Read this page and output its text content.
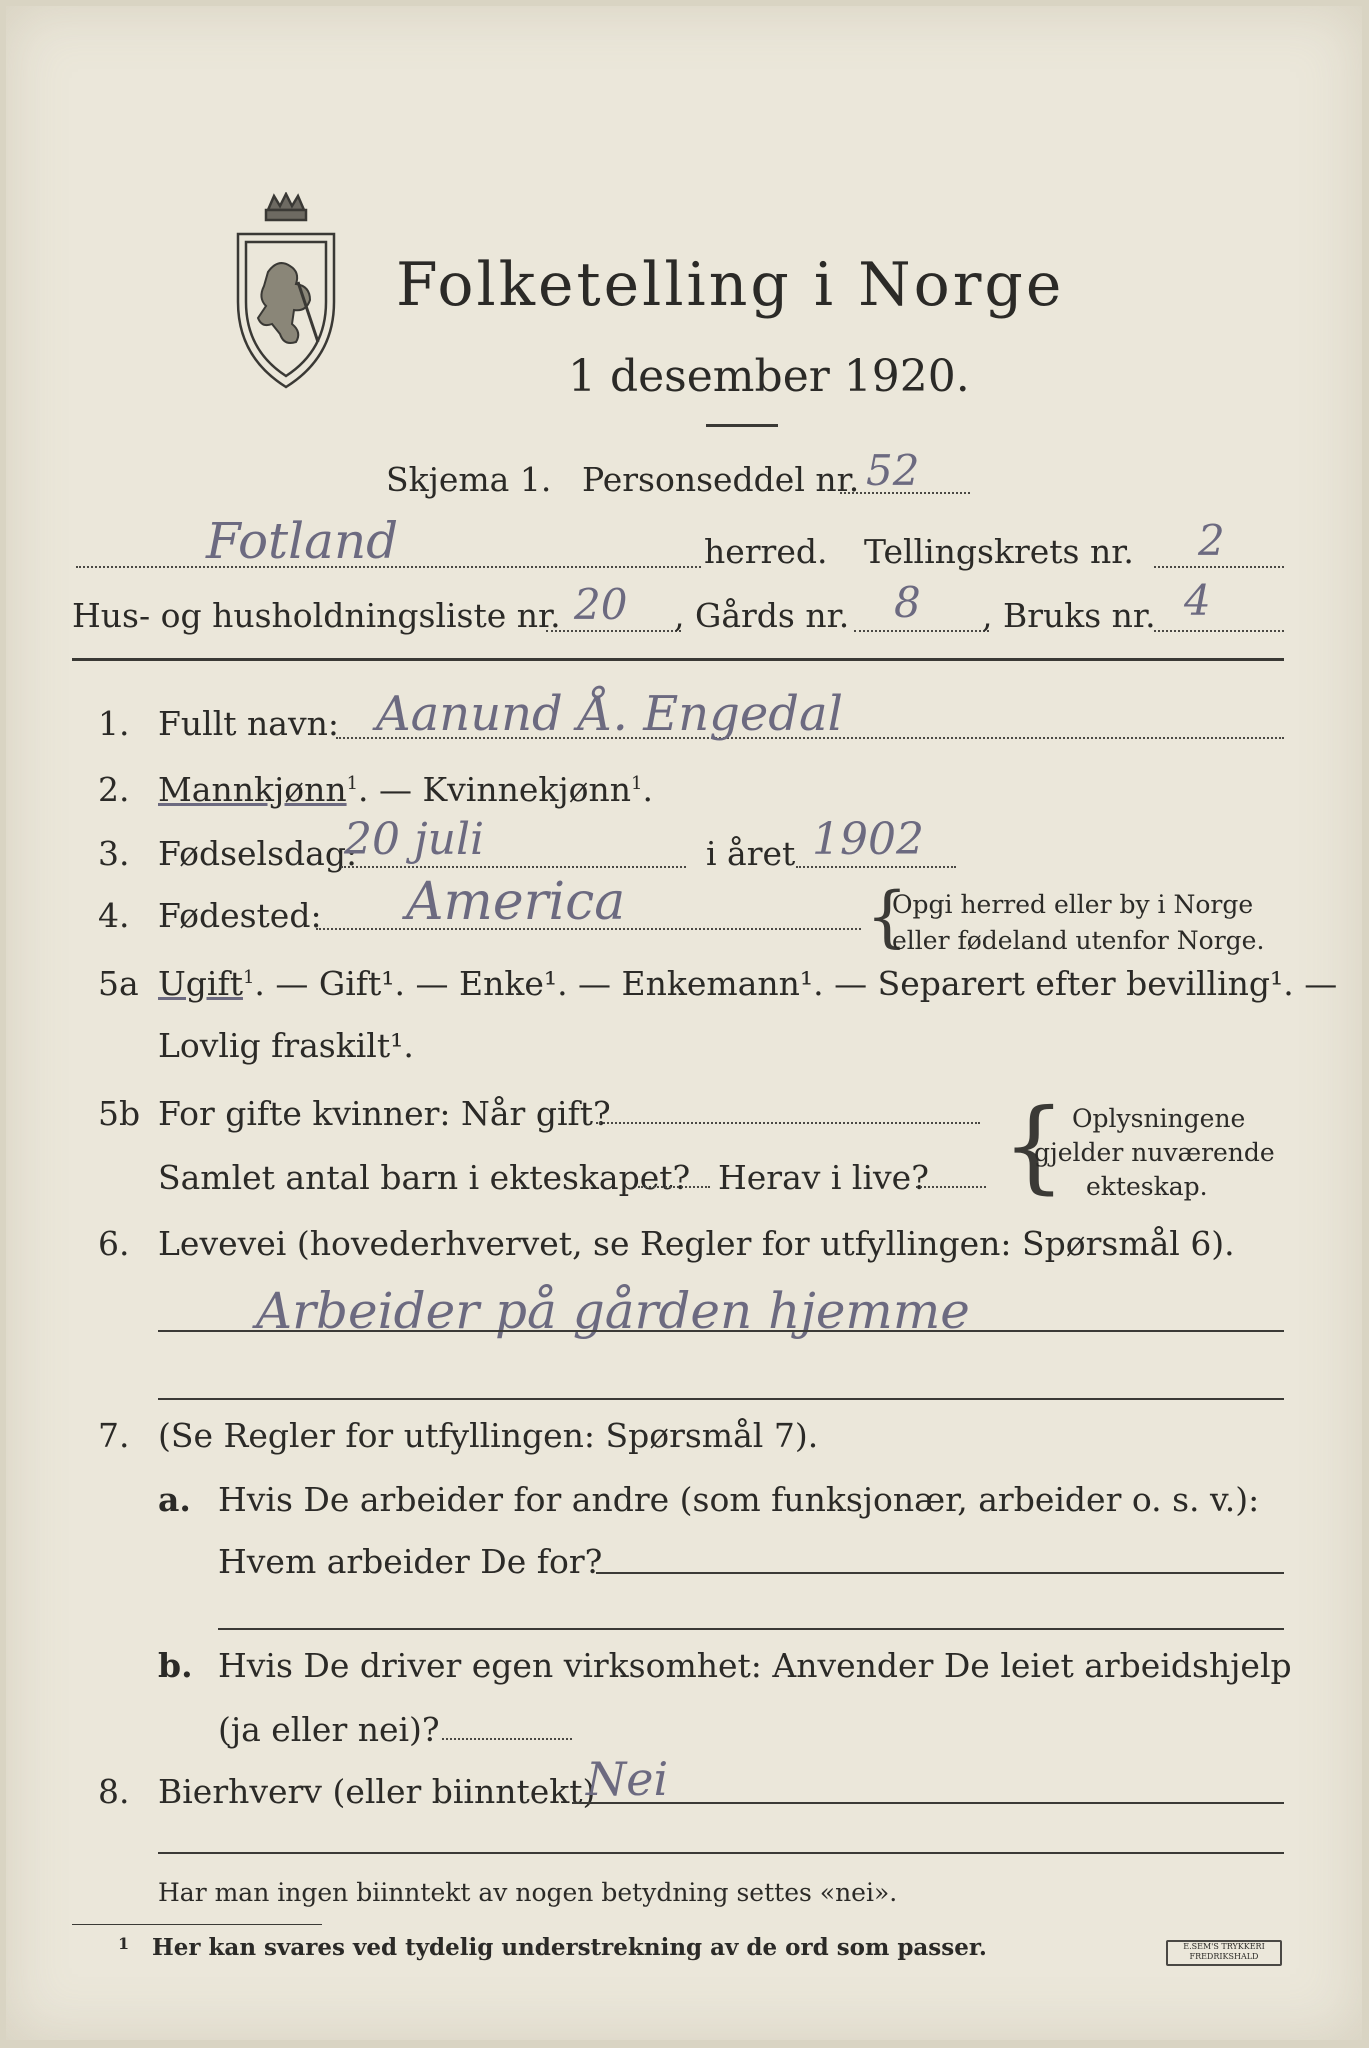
Folketelling i Norge
1 desember 1920.
Skjema 1. Personseddel nr. 52
Fotland	herred. Tellingskrets nr. 2
Hus- og husholdningsliste nr. 20 , Gårds nr. 8 , Bruks nr. 4
1. Fullt navn: Aanund Å. Engedal
2. Mannkjønn$^1$. — Kvinnekjønn$^1$.
3. Fødselsdag:
20 juli	i året 1902
4. Fødested: America	{
Opgi herred eller by i Norge
eller fødeland utenfor Norge.
5a Ugift$^1$. — Gift¹. — Enke¹. — Enkemann¹. — Separert efter bevilling¹. —
Lovlig fraskilt¹.
5b For gifte kvinner: Når gift?
Samlet antal barn i ekteskapet? Herav i live? { Oplysningene
gjelder nuværende
ekteskap.
6. Levevei (hovederhvervet, se Regler for utfyllingen: Spørsmål 6).
Arbeider på gården hjemme
7. (Se Regler for utfyllingen: Spørsmål 7).
a. Hvis De arbeider for andre (som funksjonær, arbeider o. s. v.):
Hvem arbeider De for?
b. Hvis De driver egen virksomhet: Anvender De leiet arbeidshjelp
(ja eller nei)?
8. Bierhverv (eller biinntekt)
Nei
Har man ingen biinntekt av nogen betydning settes «nei».
1 Her kan svares ved tydelig understrekning av de ord som passer.	E.SEM'S TRYKKERI
FREDRIKSHALD
